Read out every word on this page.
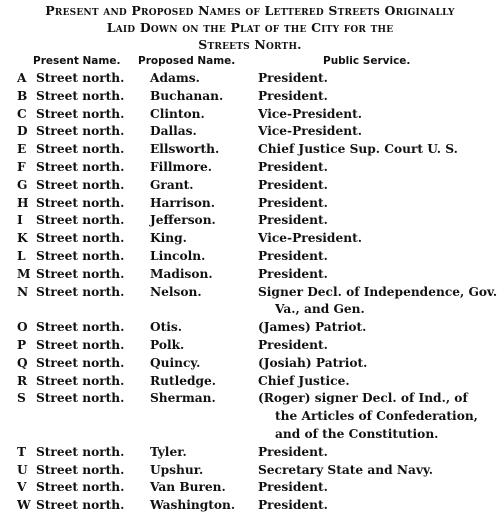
Present and Proposed Names of Lettered Streets Originally
Laid Down on the Plat of the City for the
Streets North.
Present Name. Proposed Name.	Public Service.
A Street north. Adams.	President.
B Street north. Buchanan.	President.
C Street north. Clinton.	Vice-President.
D Street north. Dallas.	Vice-President.
E Street north. Ellsworth.	Chief Justice Sup. Court U. S.
F Street north. Fillmore.	President.
G Street north. Grant.	President.
H Street north. Harrison.	President.
I Street north. Jefferson.	President.
K Street north. King.	Vice-President.
L Street north. Lincoln.	President.
M Street north. Madison.	President.
N Street north. Nelson.	Signer Decl. of Independence, Gov.
Va., and Gen.
O Street north. Otis.	(James) Patriot.
P Street north. Polk.	President.
Q Street north. Quincy.	(Josiah) Patriot.
R Street north. Rutledge.	Chief Justice.
S Street north. Sherman.	(Roger) signer Decl. of Ind., of
the Articles of Confederation,
and of the Constitution.
T Street north. Tyler.	President.
U Street north. Upshur.	Secretary State and Navy.
V Street north. Van Buren.	President.
W Street north. Washington. President.
